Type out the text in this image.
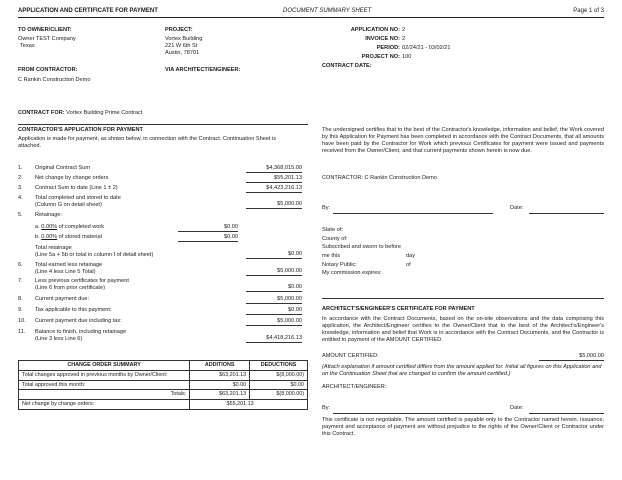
APPLICATION AND CERTIFICATE FOR PAYMENT	DOCUMENT SUMMARY SHEET	Page 1 of 3
TO OWNER/CLIENT:
Owner TEST Company
Texas
PROJECT:
Vortex Building
221 W 6th St
Austin, 78701
FROM CONTRACTOR:
C Rankin Construction Demo
VIA ARCHITECT/ENGINEER:
APPLICATION NO: 2
INVOICE NO: 2
PERIOD: 02/24/21 - 03/02/21
PROJECT NO: 100
CONTRACT DATE:
CONTRACT FOR: Vortex Building Prime Contract
CONTRACTOR'S APPLICATION FOR PAYMENT
Application is made for payment, as shown below, in connection with the Contract. Continuation Sheet is attached.
1. Original Contract Sum	$4,368,015.00
2. Net change by change orders	$55,201.13
3. Contract Sum to date (Line 1 ± 2)	$4,423,216.13
4. Total completed and stored to date
(Column G on detail sheet)	$5,000.00
5. Retainage:
a. 0.00% of completed work	$0.00
b. 0.00% of stored material	$0.00
Total retainage
(Line 5a + 5b or total in column I of detail sheet)	$0.00
6. Total earned less retainage
(Line 4 less Line 5 Total)	$5,000.00
7. Less previous certificates for payment
(Line 6 from prior certificate)	$0.00
8. Current payment due:	$5,000.00
9. Tax applicable to this payment:	$0.00
10. Current payment due including tax:	$5,000.00
11. Balance to finish, including retainage
(Line 3 less Line 6)	$4,418,216.13
CHANGE ORDER SUMMARY	ADDITIONS	DEDUCTIONS
Total changes approved in previous months by Owner/Client:	$63,201.13	$(8,000.00)
Total approved this month:	$0.00	$0.00
Totals:	$63,201.13	$(8,000.00)
Net change by change orders:	$55,201.13	
The undersigned certifies that to the best of the Contractor's knowledge, information and belief, the Work covered by this Application for Payment has been completed in accordance with the Contract Documents, that all amounts have been paid by the Contractor for Work which previous Certificates for payment were issued and payments received from the Owner/Client, and that current payments shown herein is now due.
CONTRACTOR: C Rankin Construction Demo
By:	Date:
State of:
County of:
Subscribed and sworn to before
me this	day of
Notary Public:
My commission expires:
ARCHITECT'S/ENGINEER'S CERTIFICATE FOR PAYMENT
In accordance with the Contract Documents, based on the on-site observations and the data comprising this application, the Architect/Engineer certifies to the Owner/Client that to the best of the Architect's/Engineer's knowledge, information and belief that Work is in accordance with the Contract Documents, and the Contractor is entitled to payment of the AMOUNT CERTIFIED.
AMOUNT CERTIFIED:	$5,000.00
(Attach explanation if amount certified differs from the amount applied for. Initial all figures on this Application and on the Continuation Sheet that are changed to confirm the amount certified.)
ARCHITECT/ENGINEER:
By:	Date:
This certificate is not negotiable. The amount certified is payable only to the Contractor named herein. Issuance, payment and acceptance of payment are without prejudice to the rights of the Owner/Client or Contractor under this Contract.
